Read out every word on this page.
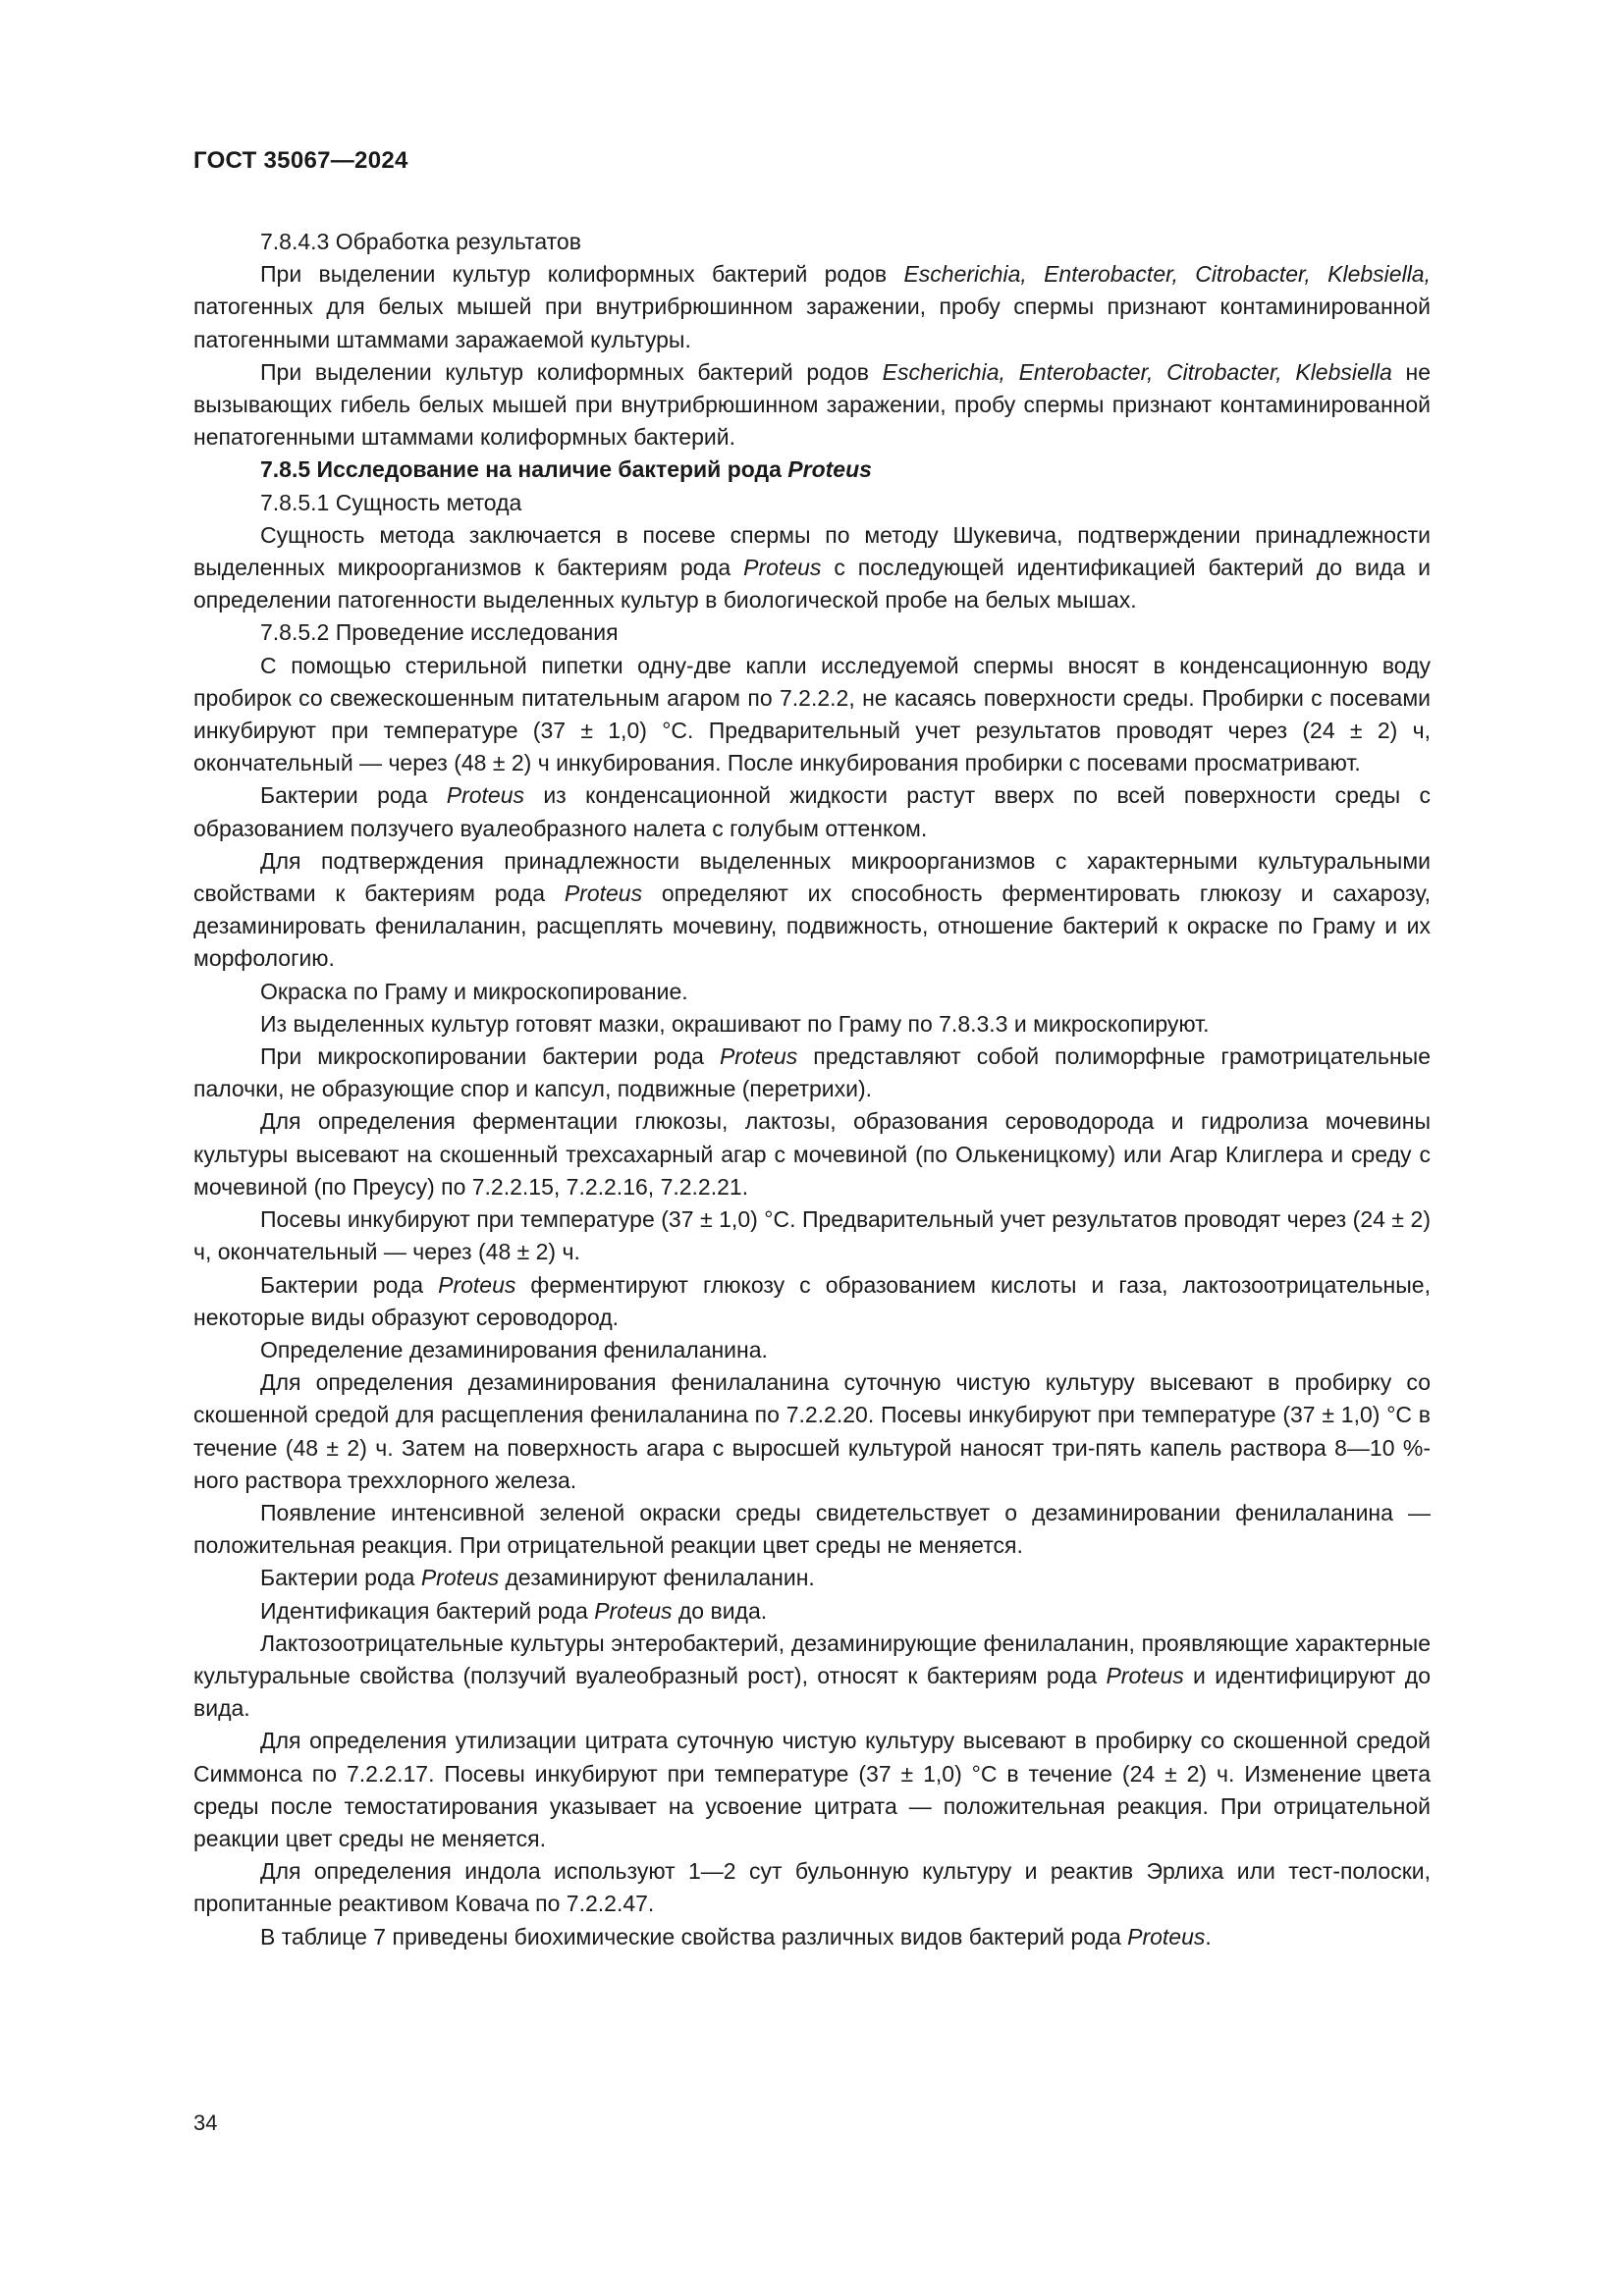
ГОСТ 35067—2024

7.8.4.3 Обработка результатов

При выделении культур колиформных бактерий родов Escherichia, Enterobacter, Citrobacter, Klebsiella, патогенных для белых мышей при внутрибрюшинном заражении, пробу спермы признают контаминированной патогенными штаммами заражаемой культуры.

При выделении культур колиформных бактерий родов Escherichia, Enterobacter, Citrobacter, Klebsiella не вызывающих гибель белых мышей при внутрибрюшинном заражении, пробу спермы признают контаминированной непатогенными штаммами колиформных бактерий.

7.8.5 Исследование на наличие бактерий рода Proteus

7.8.5.1 Сущность метода

Сущность метода заключается в посеве спермы по методу Шукевича, подтверждении принадлежности выделенных микроорганизмов к бактериям рода Proteus с последующей идентификацией бактерий до вида и определении патогенности выделенных культур в биологической пробе на белых мышах.

7.8.5.2 Проведение исследования

С помощью стерильной пипетки одну-две капли исследуемой спермы вносят в конденсационную воду пробирок со свежескошенным питательным агаром по 7.2.2.2, не касаясь поверхности среды. Пробирки с посевами инкубируют при температуре (37 ± 1,0) °С. Предварительный учет результатов проводят через (24 ± 2) ч, окончательный — через (48 ± 2) ч инкубирования. После инкубирования пробирки с посевами просматривают.

Бактерии рода Proteus из конденсационной жидкости растут вверх по всей поверхности среды с образованием ползучего вуалеобразного налета с голубым оттенком.

Для подтверждения принадлежности выделенных микроорганизмов с характерными культуральными свойствами к бактериям рода Proteus определяют их способность ферментировать глюкозу и сахарозу, дезаминировать фенилаланин, расщеплять мочевину, подвижность, отношение бактерий к окраске по Граму и их морфологию.

Окраска по Граму и микроскопирование.

Из выделенных культур готовят мазки, окрашивают по Граму по 7.8.3.3 и микроскопируют.

При микроскопировании бактерии рода Proteus представляют собой полиморфные грамотрицательные палочки, не образующие спор и капсул, подвижные (перетрихи).

Для определения ферментации глюкозы, лактозы, образования сероводорода и гидролиза мочевины культуры высевают на скошенный трехсахарный агар с мочевиной (по Олькеницкому) или Агар Клиглера и среду с мочевиной (по Преусу) по 7.2.2.15, 7.2.2.16, 7.2.2.21.

Посевы инкубируют при температуре (37 ± 1,0) °С. Предварительный учет результатов проводят через (24 ± 2) ч, окончательный — через (48 ± 2) ч.

Бактерии рода Proteus ферментируют глюкозу с образованием кислоты и газа, лактозоотрицательные, некоторые виды образуют сероводород.

Определение дезаминирования фенилаланина.

Для определения дезаминирования фенилаланина суточную чистую культуру высевают в пробирку со скошенной средой для расщепления фенилаланина по 7.2.2.20. Посевы инкубируют при температуре (37 ± 1,0) °С в течение (48 ± 2) ч. Затем на поверхность агара с выросшей культурой наносят три-пять капель раствора 8—10 %-ного раствора треххлорного железа.

Появление интенсивной зеленой окраски среды свидетельствует о дезаминировании фенилаланина — положительная реакция. При отрицательной реакции цвет среды не меняется.

Бактерии рода Proteus дезаминируют фенилаланин.

Идентификация бактерий рода Proteus до вида.

Лактозоотрицательные культуры энтеробактерий, дезаминирующие фенилаланин, проявляющие характерные культуральные свойства (ползучий вуалеобразный рост), относят к бактериям рода Proteus и идентифицируют до вида.

Для определения утилизации цитрата суточную чистую культуру высевают в пробирку со скошенной средой Симмонса по 7.2.2.17. Посевы инкубируют при температуре (37 ± 1,0) °С в течение (24 ± 2) ч. Изменение цвета среды после темостатирования указывает на усвоение цитрата — положительная реакция. При отрицательной реакции цвет среды не меняется.

Для определения индола используют 1—2 сут бульонную культуру и реактив Эрлиха или тест-полоски, пропитанные реактивом Ковача по 7.2.2.47.

В таблице 7 приведены биохимические свойства различных видов бактерий рода Proteus.

34
